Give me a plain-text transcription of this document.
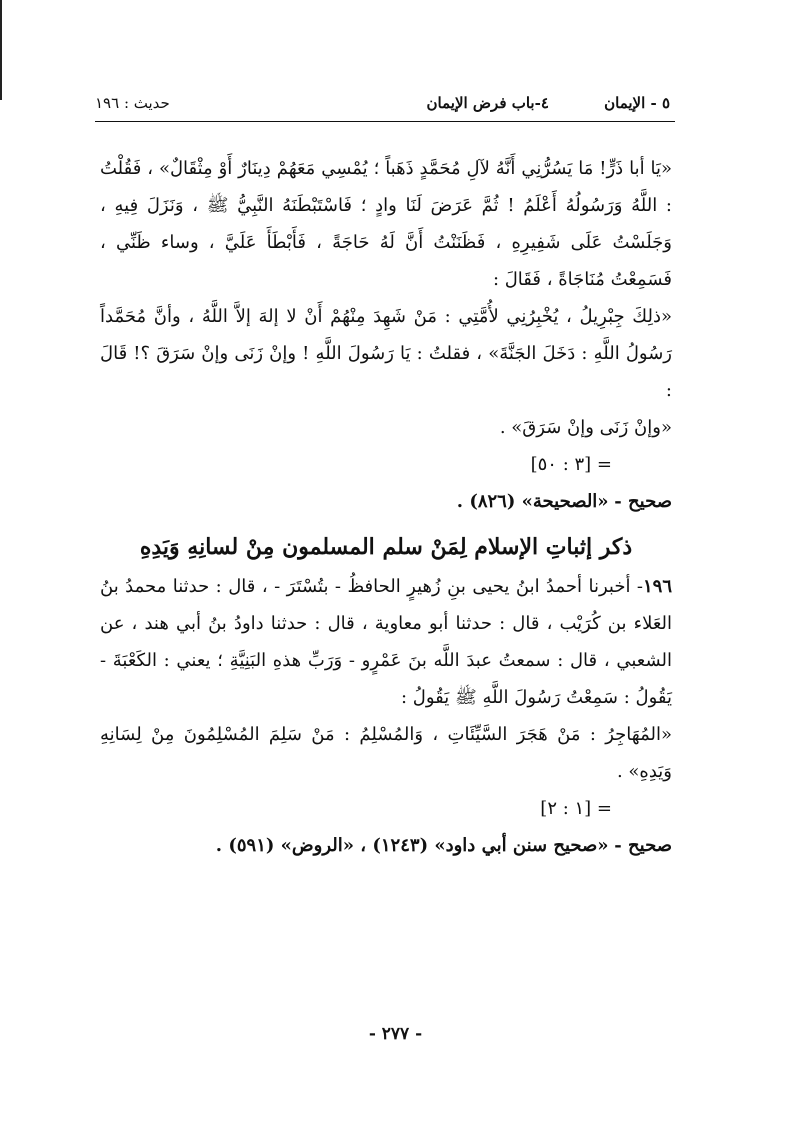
٥ - الإيمان ٤-باب فرض الإيمان
حديث : ١٩٦

«يَا أبا ذَرٍّ! مَا يَسُرُّنِي أَنَّهُ لآلِ مُحَمَّدٍ ذَهَباً ؛ يُمْسِي مَعَهُمْ دِينَارٌ أَوْ مِثْقَالٌ» ، فَقُلْتُ : اللَّهُ وَرَسُولُهُ أَعْلَمُ ! ثُمَّ عَرَضَ لَنَا وادٍ ؛ فَاسْتَبْطَنَهُ النَّبِيُّ ﷺ ، وَنَزَلَ فِيهِ ، وَجَلَسْتُ عَلَى شَفِيرِهِ ، فَظَنَنْتُ أَنَّ لَهُ حَاجَةً ، فَأَبْطَأَ عَلَيَّ ، وساء ظَنِّي ، فَسَمِعْتُ مُنَاجَاةً ، فَقَالَ :

«ذلِكَ جِبْرِيلُ ، يُخْبِرُنِي لأُمَّتِي : مَنْ شَهِدَ مِنْهُمْ أَنْ لا إلهَ إلاَّ اللَّهُ ، وأنَّ مُحَمَّداً رَسُولُ اللَّهِ : دَخَلَ الجَنَّةَ» ، فقلتُ : يَا رَسُولَ اللَّهِ ! وإنْ زَنَى وإنْ سَرَقَ ؟! قَالَ :

«وإنْ زَنَى وإنْ سَرَقَ» .

= [٣ : ٥٠]

صحيح - «الصحيحة» (٨٢٦) .

ذكر إثباتِ الإسلام لِمَنْ سلم المسلمون مِنْ لسانِهِ وَيَدِهِ

١٩٦- أخبرنا أحمدُ ابنُ يحيى بنِ زُهيرٍ الحافظُ - بتُسْتَرَ - ، قال : حدثنا محمدُ بنُ العَلاء بن كُرَيْب ، قال : حدثنا أبو معاوية ، قال : حدثنا داودُ بنُ أبي هند ، عن الشعبي ، قال : سمعتُ عبدَ اللَّه بنَ عَمْرٍو - وَرَبِّ هذهِ البَنِيَّةِ ؛ يعني : الكَعْبَةَ - يَقُولُ : سَمِعْتُ رَسُولَ اللَّهِ ﷺ يَقُولُ :

«المُهَاجِرُ : مَنْ هَجَرَ السَّيِّئَاتِ ، وَالمُسْلِمُ : مَنْ سَلِمَ المُسْلِمُونَ مِنْ لِسَانِهِ وَيَدِهِ» .

= [١ : ٢]

صحيح - «صحيح سنن أبي داود» (١٢٤٣) ، «الروض» (٥٩١) .

- ٢٧٧ -
